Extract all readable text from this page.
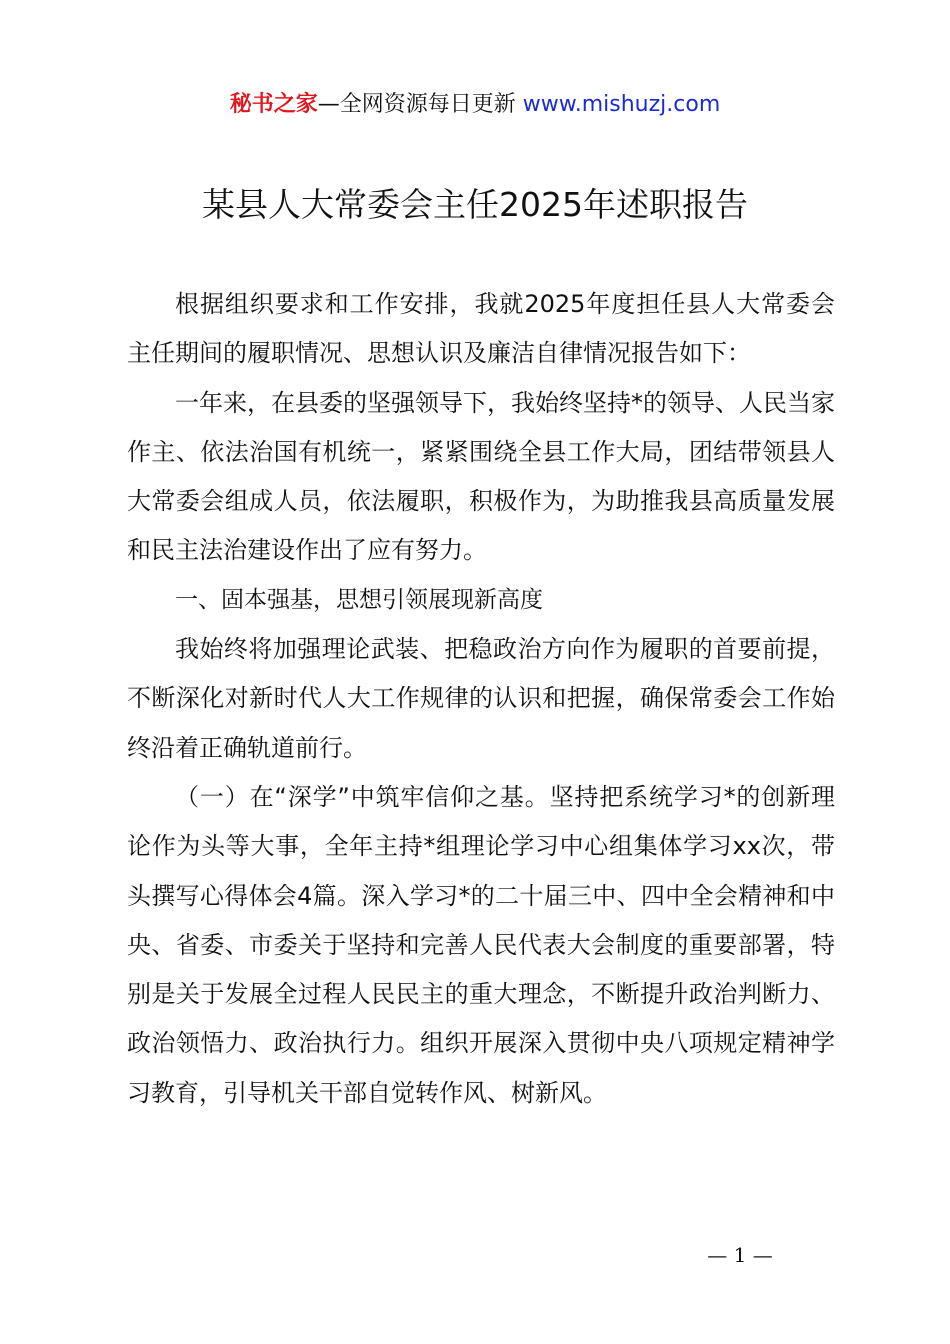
秘书之家—全网资源每日更新 www.mishuzj.com
某县人大常委会主任2025年述职报告

根据组织要求和工作安排，我就2025年度担任县人大常委会主任期间的履职情况、思想认识及廉洁自律情况报告如下：

一年来，在县委的坚强领导下，我始终坚持*的领导、人民当家作主、依法治国有机统一，紧紧围绕全县工作大局，团结带领县人大常委会组成人员，依法履职，积极作为，为助推我县高质量发展和民主法治建设作出了应有努力。

一、固本强基，思想引领展现新高度

我始终将加强理论武装、把稳政治方向作为履职的首要前提，不断深化对新时代人大工作规律的认识和把握，确保常委会工作始终沿着正确轨道前行。

（一）在“深学”中筑牢信仰之基。坚持把系统学习*的创新理论作为头等大事，全年主持*组理论学习中心组集体学习xx次，带头撰写心得体会4篇。深入学习*的二十届三中、四中全会精神和中央、省委、市委关于坚持和完善人民代表大会制度的重要部署，特别是关于发展全过程人民民主的重大理念，不断提升政治判断力、政治领悟力、政治执行力。组织开展深入贯彻中央八项规定精神学习教育，引导机关干部自觉转作风、树新风。

— 1 —
